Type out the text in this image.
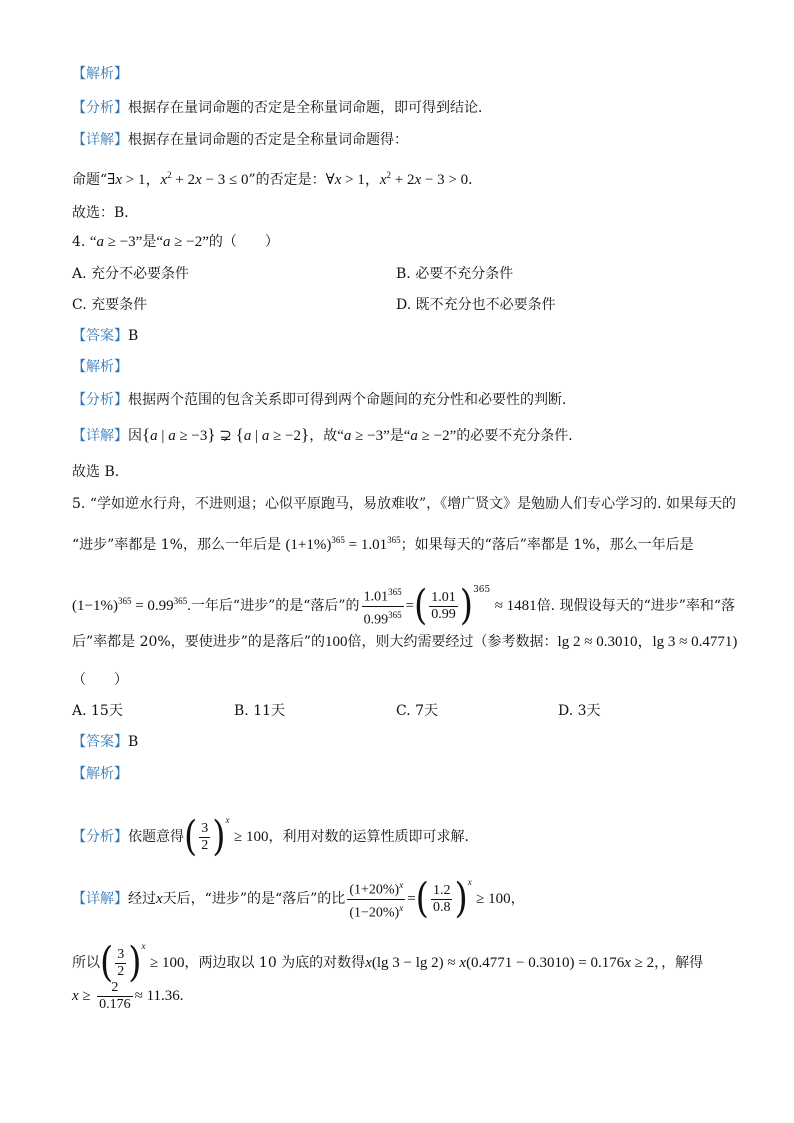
【解析】
【分析】根据存在量词命题的否定是全称量词命题，即可得到结论．
【详解】根据存在量词命题的否定是全称量词命题得：
命题“∃x > 1，$x^2 + 2x - 3 \le 0$”的否定是：∀x > 1，$x^2 + 2x - 3 > 0$．
故选：B．
4. “a ≥ −3”是“a ≥ −2”的（　　）
A. 充分不必要条件	B. 必要不充分条件
C. 充要条件	D. 既不充分也不必要条件
【答案】B
【解析】
【分析】根据两个范围的包含关系即可得到两个命题间的充分性和必要性的判断.
【详解】因{a | a ≥ −3} ⊋ {a | a ≥ −2}，故“a ≥ −3”是“a ≥ −2”的必要不充分条件．
故选 B．
5. “学如逆水行舟，不进则退；心似平原跑马，易放难收”，《增广贤文》是勉励人们专心学习的. 如果每天的
“进步”率都是 1%，那么一年后是 $(1+1\%)^{365} = 1.01^{365}$；如果每天的“落后”率都是 1%，那么一年后是
$(1-1\%)^{365} = 0.99^{365}$.一年后“进步”的是“落后”的 $\frac{1.01^{365}}{0.99^{365}}$ =( $\frac{1.01}{0.99} )^{365} \approx 1481$倍. 现假设每天的“进步”率和“落
后”率都是 20%，要使进步”的是落后”的100倍，则大约需要经过（参考数据：lg 2 ≈ 0.3010，lg 3 ≈ 0.4771)
（　　）
A. 15天	B. 11天	C. 7天	D. 3天
【答案】B
【解析】
【分析】依题意得( $\frac{3}{2} )^x \ge 100$，利用对数的运算性质即可求解.
【详解】经过x天后，“进步”的是“落后”的比 $\frac{(1+20\%)^x}{(1-20\%)^x}$ =( $\frac{1.2}{0.8} )^x \ge 100$，
所以( $\frac{3}{2} )^x \ge 100$，两边取以 10 为底的对数得x(lg 3 − lg 2) ≈ x(0.4771 − 0.3010) = 0.176x ≥ 2，，解得
$x \ge \frac{2}{0.176} \approx 11.36$.
